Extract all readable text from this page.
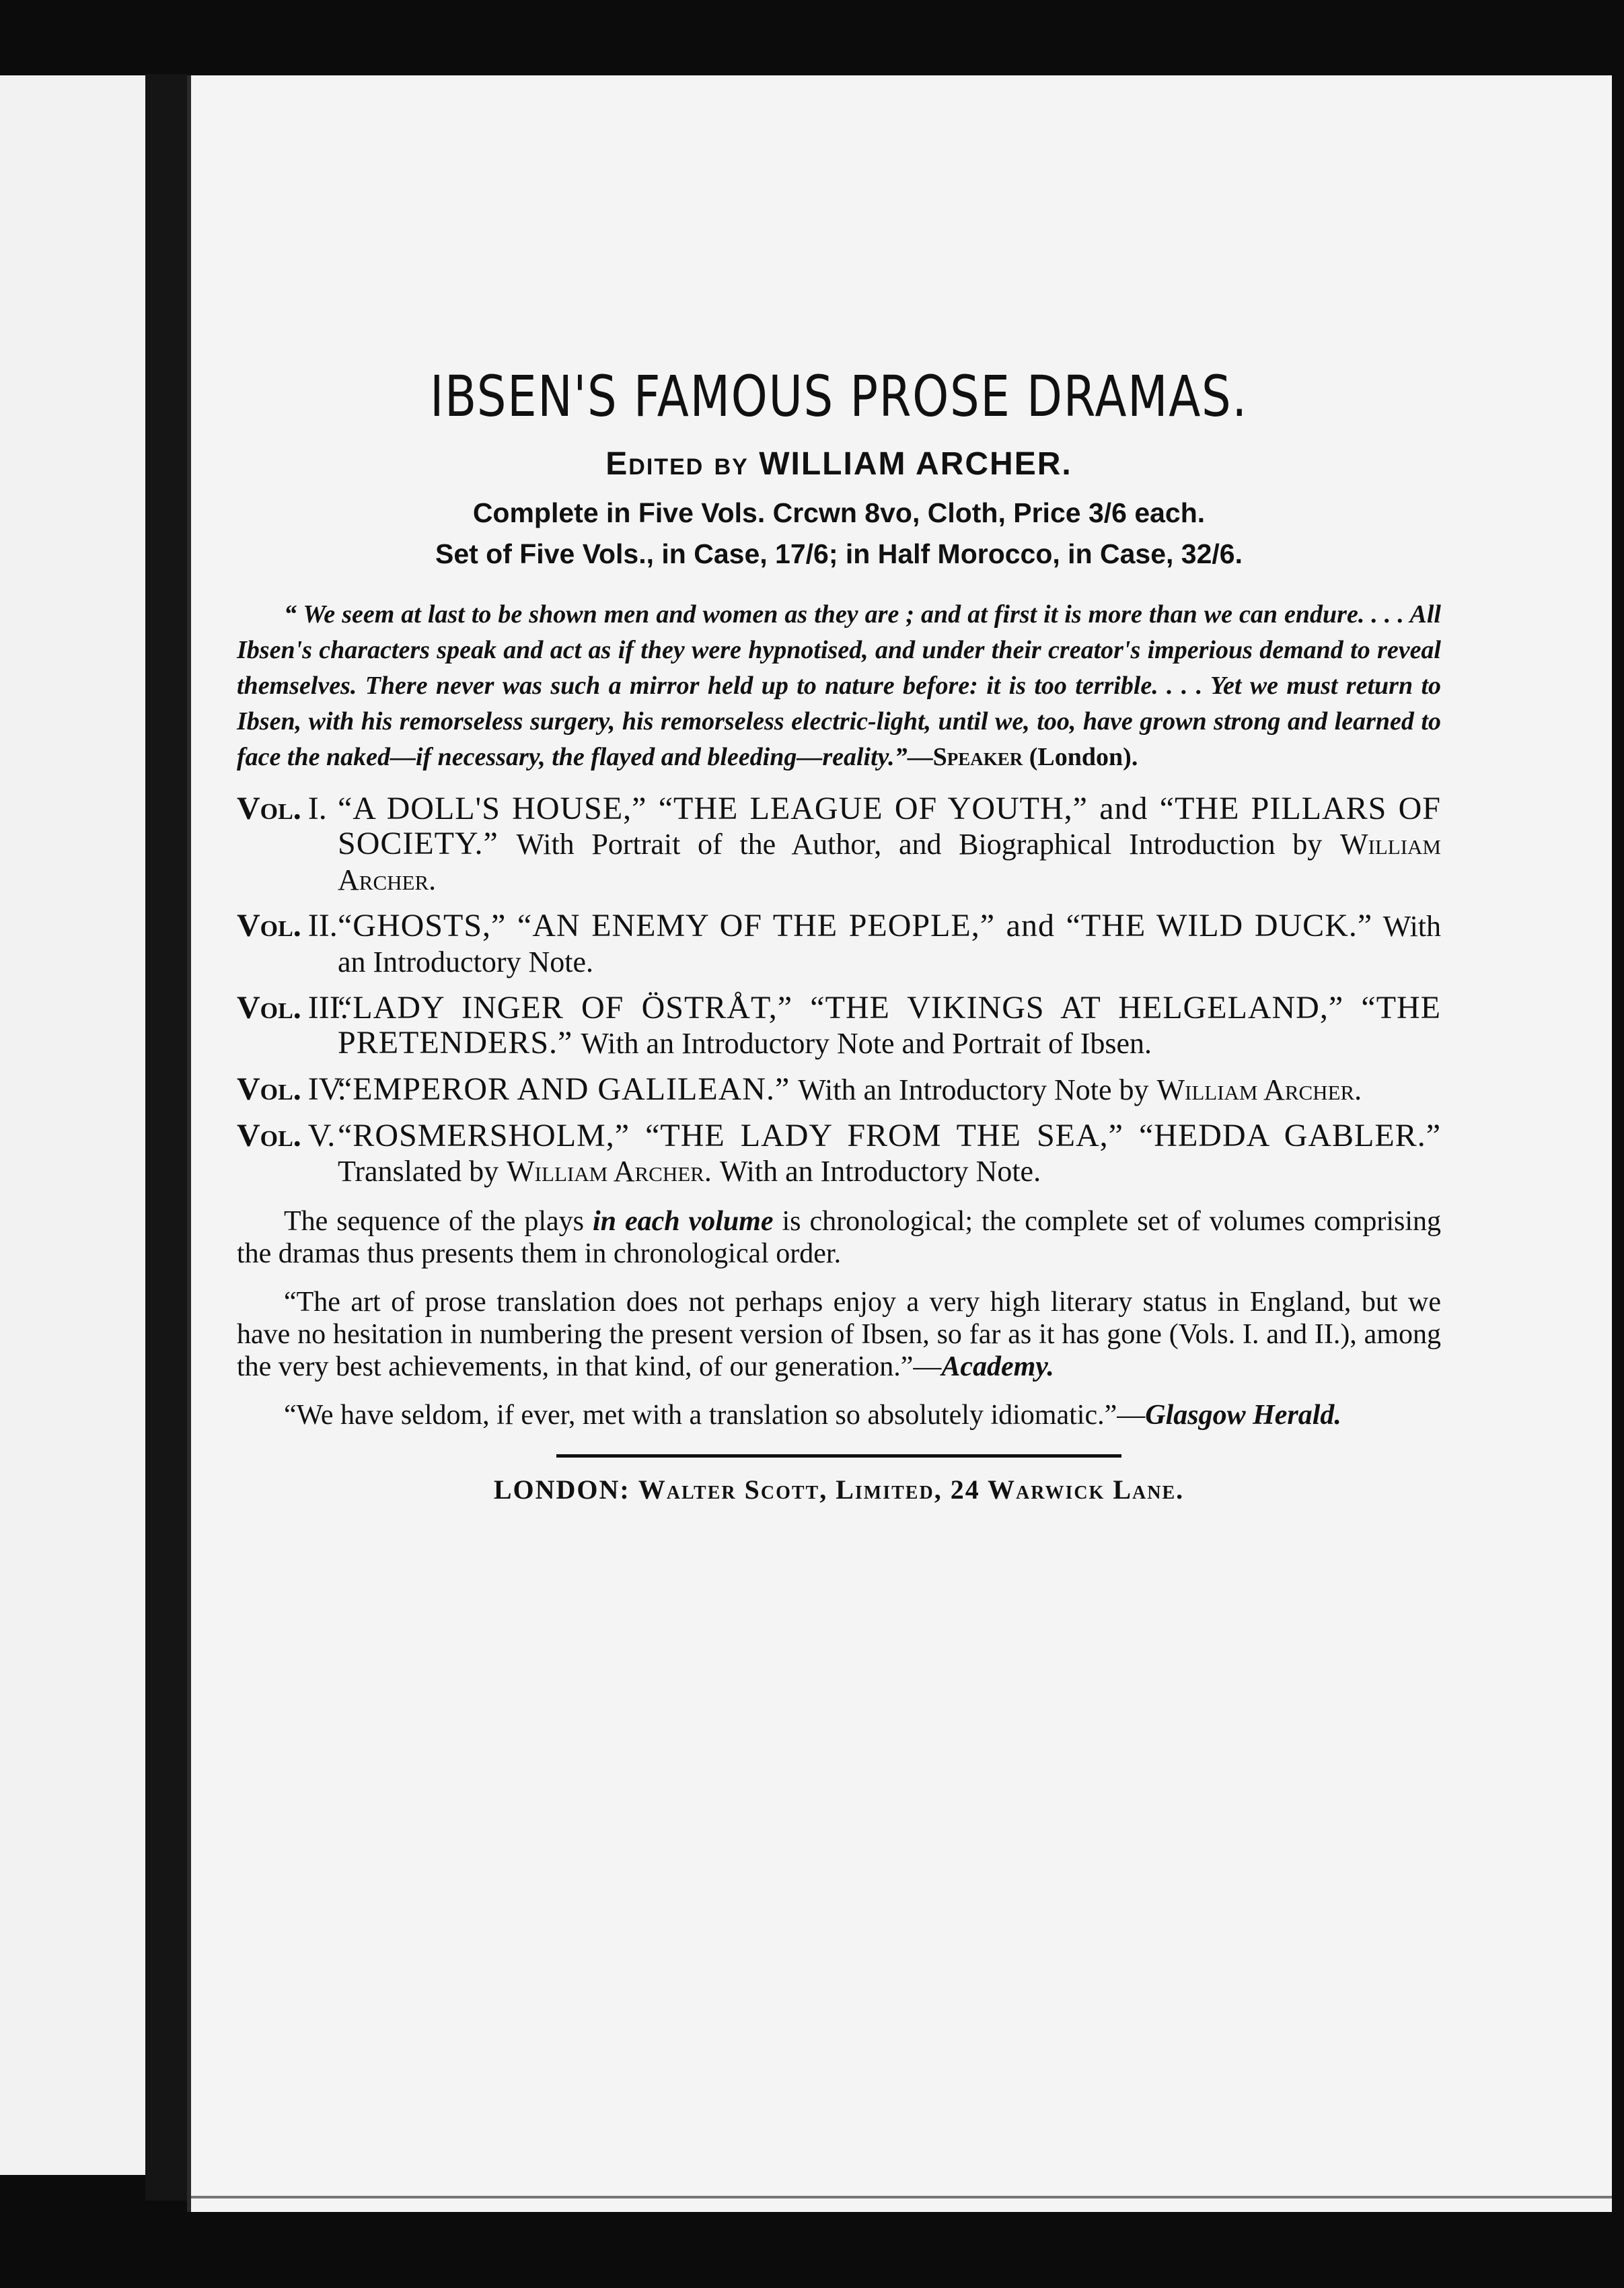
IBSEN'S FAMOUS PROSE DRAMAS.
Edited by WILLIAM ARCHER.
Complete in Five Vols. Crcwn 8vo, Cloth, Price 3/6 each.
Set of Five Vols., in Case, 17/6; in Half Morocco, in Case, 32/6.

“ We seem at last to be shown men and women as they are ; and at first it is more than we can endure. . . . All Ibsen's characters speak and act as if they were hypnotised, and under their creator's imperious demand to reveal themselves. There never was such a mirror held up to nature before: it is too terrible. . . . Yet we must return to Ibsen, with his remorseless surgery, his remorseless electric-light, until we, too, have grown strong and learned to face the naked—if necessary, the flayed and bleeding—reality.”—Speaker (London).

Vol. I. “A DOLL'S HOUSE,” “THE LEAGUE OF YOUTH,” and “THE PILLARS OF SOCIETY.” With Portrait of the Author, and Biographical Introduction by William Archer.
Vol. II. “GHOSTS,” “AN ENEMY OF THE PEOPLE,” and “THE WILD DUCK.” With an Introductory Note.
Vol. III.
“LADY INGER OF ÖSTRÅT,” “THE VIKINGS AT HELGELAND,” “THE PRETENDERS.” With an Introductory Note and Portrait of Ibsen.
Vol. IV.
“EMPEROR AND GALILEAN.” With an Introductory Note by William Archer.
Vol. V. “ROSMERSHOLM,” “THE LADY FROM THE SEA,” “HEDDA GABLER.” Translated by William Archer. With an Introductory Note.

The sequence of the plays in each volume is chronological; the complete set of volumes comprising the dramas thus presents them in chronological order.

“The art of prose translation does not perhaps enjoy a very high literary status in England, but we have no hesitation in numbering the present version of Ibsen, so far as it has gone (Vols. I. and II.), among the very best achievements, in that kind, of our generation.”—Academy.

“We have seldom, if ever, met with a translation so absolutely idiomatic.”—Glasgow Herald.

LONDON: Walter Scott, Limited, 24 Warwick Lane.
